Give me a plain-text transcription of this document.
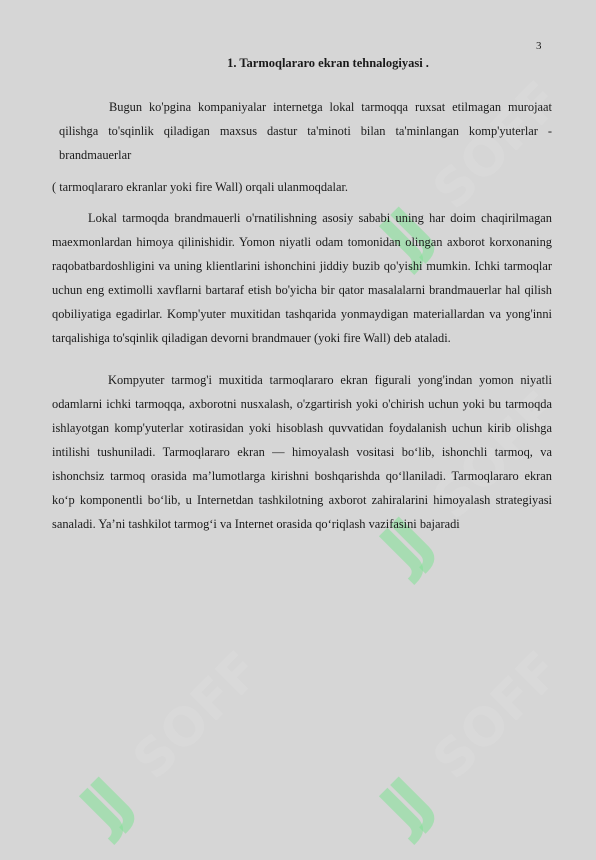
JJ
SOFF
JJ
SOFF
JJ
SOFF
JJ
SOFF
3
1. Tarmoqlararo ekran tehnalogiyasi .
Bugun ko'pgina kompaniyalar internetga lokal tarmoqqa ruxsat etilmagan murojaat qilishga to'sqinlik qiladigan maxsus dastur ta'minoti bilan ta'minlangan komp'yuterlar - brandmauerlar
( tarmoqlararo ekranlar yoki fire Wall) orqali ulanmoqdalar.
Lokal tarmoqda brandmauerli o'rnatilishning asosiy sababi uning har doim chaqirilmagan maexmonlardan himoya qilinishidir. Yomon niyatli odam tomonidan olingan axborot korxonaning raqobatbardoshligini va uning klientlarini ishonchini jiddiy buzib qo'yishi mumkin. Ichki tarmoqlar uchun eng extimolli xavflarni bartaraf etish bo'yicha bir qator masalalarni brandmauerlar hal qilish qobiliyatiga egadirlar. Komp'yuter muxitidan tashqarida yonmaydigan materiallardan va yong'inni tarqalishiga to'sqinlik qiladigan devorni brandmauer (yoki fire Wall) deb ataladi.
Kompyuter tarmog'i muxitida tarmoqlararo ekran figurali yong'indan yomon niyatli odamlarni ichki tarmoqqa, axborotni nusxalash, o'zgartirish yoki o'chirish uchun yoki bu tarmoqda ishlayotgan komp'yuterlar xotirasidan yoki hisoblash quvvatidan foydalanish uchun kirib olishga intilishi tushuniladi. Tarmoqlararo ekran — himoyalash vositasi bo‘lib, ishonchli tarmoq, va ishonchsiz tarmoq orasida ma’lumotlarga kirishni boshqarishda qo‘llaniladi. Tarmoqlararo ekran ko‘p komponentli bo‘lib, u Internetdan tashkilotning axborot zahiralarini himoyalash strategiyasi sanaladi. Ya’ni tashkilot tarmog‘i va Internet orasida qo‘riqlash vazifasini bajaradi
